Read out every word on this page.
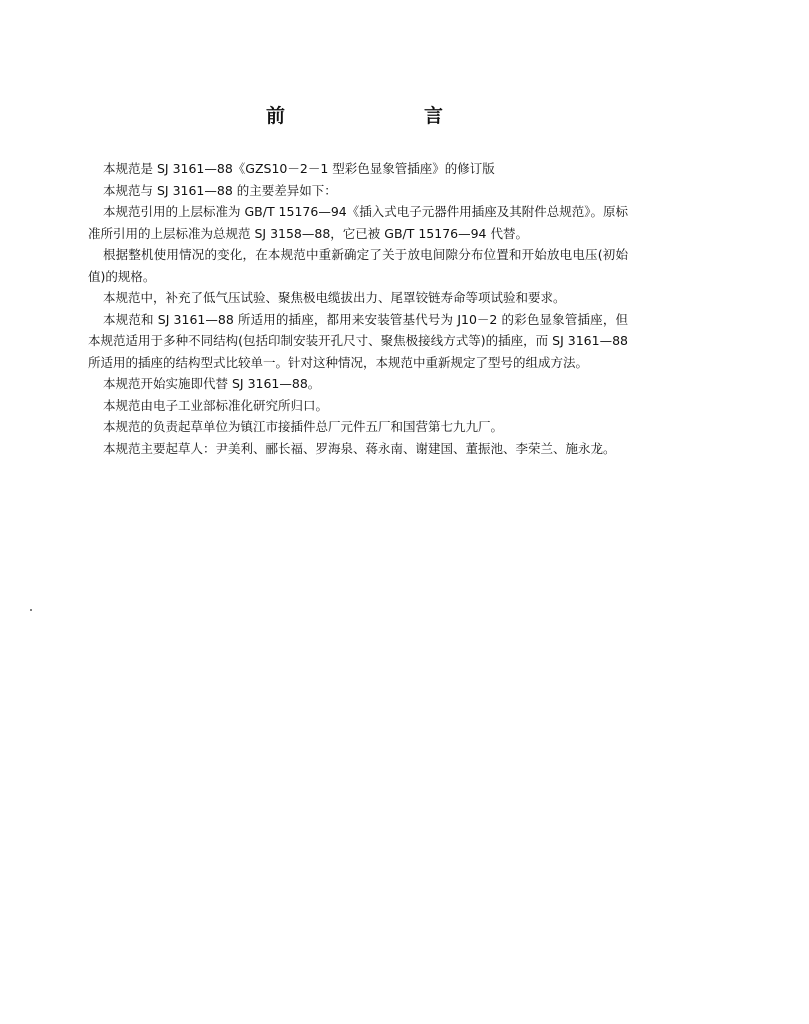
前　言

本规范是 SJ 3161—88《GZS10－2－1 型彩色显象管插座》的修订版

本规范与 SJ 3161—88 的主要差异如下：

本规范引用的上层标准为 GB/T 15176—94《插入式电子元器件用插座及其附件总规范》。原标准所引用的上层标准为总规范 SJ 3158—88，它已被 GB/T 15176—94 代替。

根据整机使用情况的变化，在本规范中重新确定了关于放电间隙分布位置和开始放电电压(初始值)的规格。

本规范中，补充了低气压试验、聚焦极电缆拔出力、尾罩铰链寿命等项试验和要求。

本规范和 SJ 3161—88 所适用的插座，都用来安装管基代号为 J10－2 的彩色显象管插座，但本规范适用于多种不同结构(包括印制安装开孔尺寸、聚焦极接线方式等)的插座，而 SJ 3161—88 所适用的插座的结构型式比较单一。针对这种情况，本规范中重新规定了型号的组成方法。

本规范开始实施即代替 SJ 3161—88。

本规范由电子工业部标准化研究所归口。

本规范的负责起草单位为镇江市接插件总厂元件五厂和国营第七九九厂。

本规范主要起草人：尹美利、郦长福、罗海泉、蒋永南、谢建国、董振池、李荣兰、施永龙。
